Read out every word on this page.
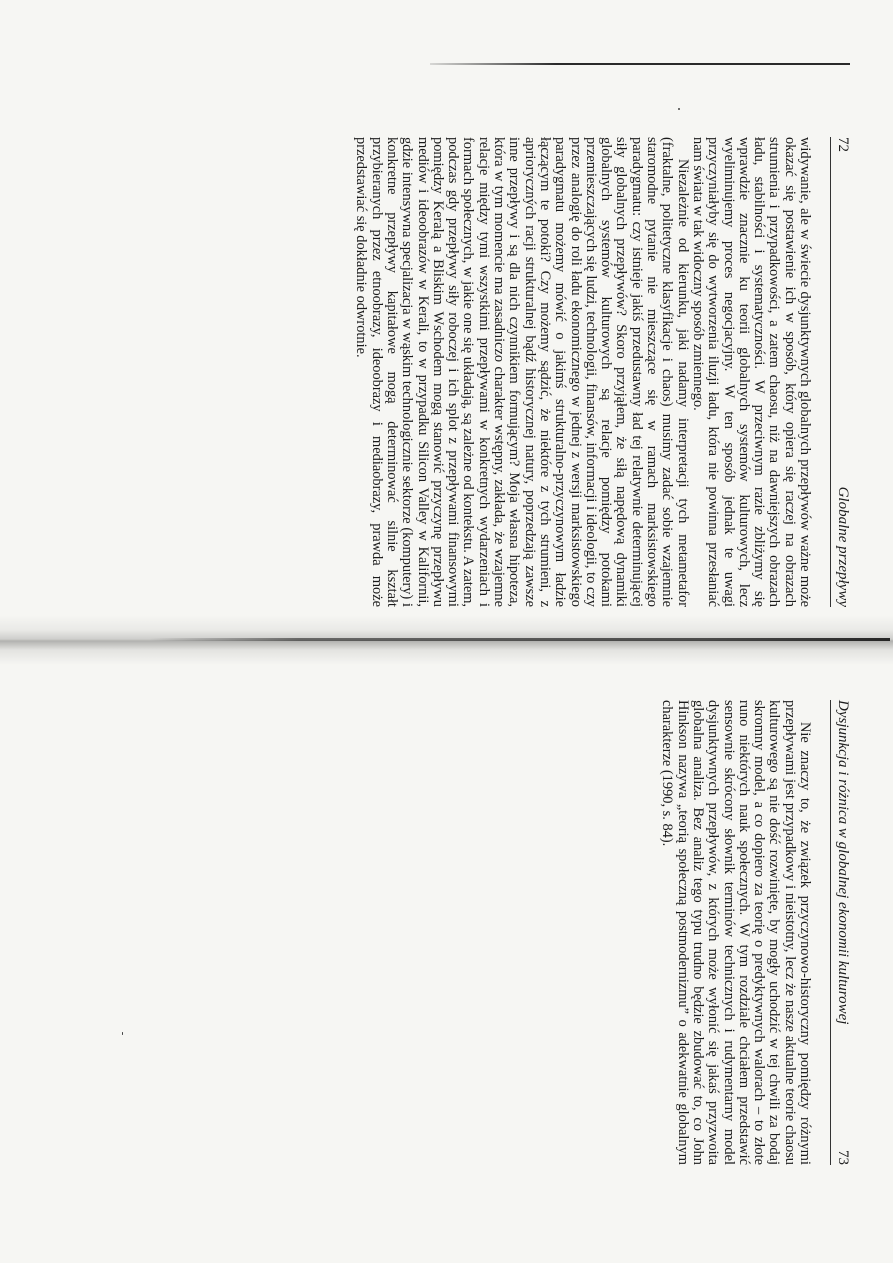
72
Globalne przepływy

widywanie, ale w świecie dysjunktywnych globalnych przepływów ważne może okazać się postawienie ich w sposób, który opiera się raczej na obrazach strumienia i przypadkowości, a zatem chaosu, niż na dawniejszych obrazach ładu, stabilności i systematyczności. W przeciwnym razie zbliżymy się wprawdzie znacznie ku teorii globalnych systemów kulturowych, lecz wyeliminujemy proces negocjacyjny. W ten sposób jednak te uwagi przyczyniałyby się do wytworzenia iluzji ładu, która nie powinna przesłaniać nam świata w tak widoczny sposób zmiennego.

Niezależnie od kierunku, jaki nadamy interpretacji tych metametafor (fraktalne, politetyczne klasyfikacje i chaos) musimy zadać sobie wzajemnie staromodne pytanie nie mieszczące się w ramach marksistowskiego paradygmatu: czy istnieje jakiś przedustawny ład tej relatywnie determinującej siły globalnych przepływów? Skoro przyjąłem, że siłą napędową dynamiki globalnych systemów kulturowych są relacje pomiędzy potokami przemieszczających się ludzi, technologii, finansów, informacji i ideologii, to czy przez analogię do roli ładu ekonomicznego w jednej z wersji marksistowskiego paradygmatu możemy mówić o jakimś strukturalno-przyczynowym ładzie łączącym te potoki? Czy możemy sądzić, że niektóre z tych strumieni, z aprioryczných racji strukturalnej bądź historycznej natury, poprzedzają zawsze inne przepływy i są dla nich czynnikiem formującym? Moja własna hipoteza, która w tym momencie ma zasadniczo charakter wstępny, zakłada, że wzajemne relacje między tymi wszystkimi przepływami w konkretnych wydarzeniach i formach społecznych, w jakie one się układają, są zależne od kontekstu. A zatem, podczas gdy przepływy siły roboczej i ich splot z przepływami finansowymi pomiędzy Keralą a Bliskim Wschodem mogą stanowić przyczynę przepływu mediów i ideoobrazów w Kerali, to w przypadku Silicon Valley w Kalifornii, gdzie intensywna specjalizacja w wąskim technologicznie sektorze (komputery) i konkretne przepływy kapitałowe mogą determinować silnie kształt przybieranych przez etnoobrazy, ideoobrazy i mediaobrazy, prawda może przedstawiać się dokładnie odwrotnie.

Dysjunkcja i różnica w globalnej ekonomii kulturowej
73

Nie znaczy to, że związek przyczynowo-historyczny pomiędzy różnymi przepływami jest przypadkowy i nieistotny, lecz że nasze aktualne teorie chaosu kulturowego są nie dość rozwinięte, by mogły uchodzić w tej chwili za bodaj skromny model, a co dopiero za teorię o predyktywnych walorach – to złote runo niektórych nauk społecznych. W tym rozdziale chciałem przedstawić sensownie skrócony słownik terminów technicznych i rudymentarny model dysjunktywnych przepływów, z których może wyłonić się jakaś przyzwoita globalna analiza. Bez analiz tego typu trudno będzie zbudować to, co John Hinkson nazywa „teorią społeczną postmodernizmu” o adekwatnie globalnym charakterze (1990, s. 84).
